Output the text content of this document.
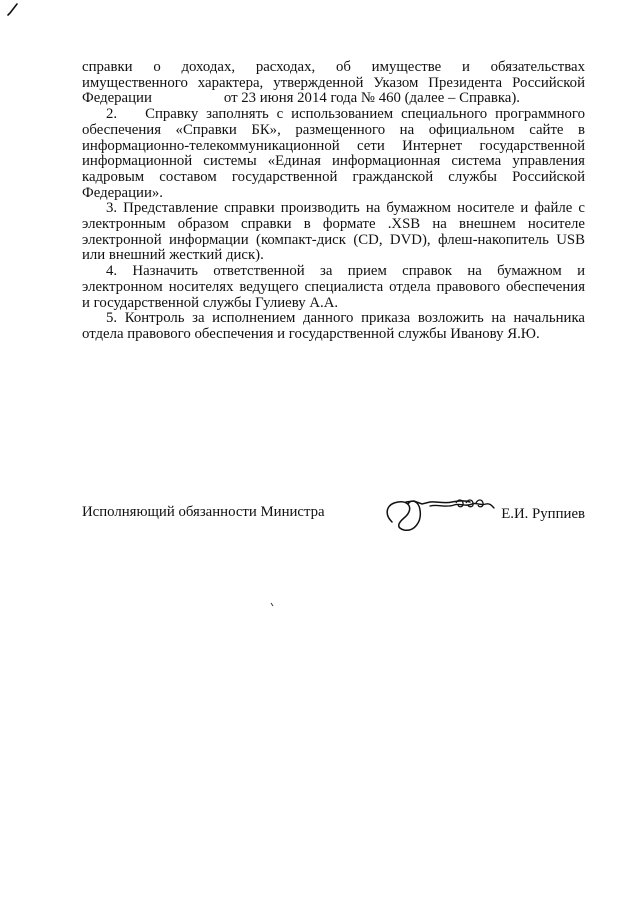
справки о доходах, расходах, об имуществе и обязательствах
имущественного характера, утвержденной Указом Президента Российской
Федерации	от 23 июня 2014 года № 460 (далее – Справка).
2. Справку заполнять с использованием специального программного
обеспечения «Справки БК», размещенного на официальном сайте в
информационно-телекоммуникационной сети Интернет государственной
информационной системы «Единая информационная система управления
кадровым составом государственной гражданской службы Российской
Федерации».
3. Представление справки производить на бумажном носителе и файле с
электронным образом справки в формате .XSB на внешнем носителе
электронной информации (компакт-диск (CD, DVD), флеш-накопитель USB
или внешний жесткий диск).
4. Назначить ответственной за прием справок на бумажном и
электронном носителях ведущего специалиста отдела правового обеспечения
и государственной службы Гулиеву А.А.
5. Контроль за исполнением данного приказа возложить на начальника
отдела правового обеспечения и государственной службы Иванову Я.Ю.
Исполняющий обязанности Министра	Е.И. Руппиев
